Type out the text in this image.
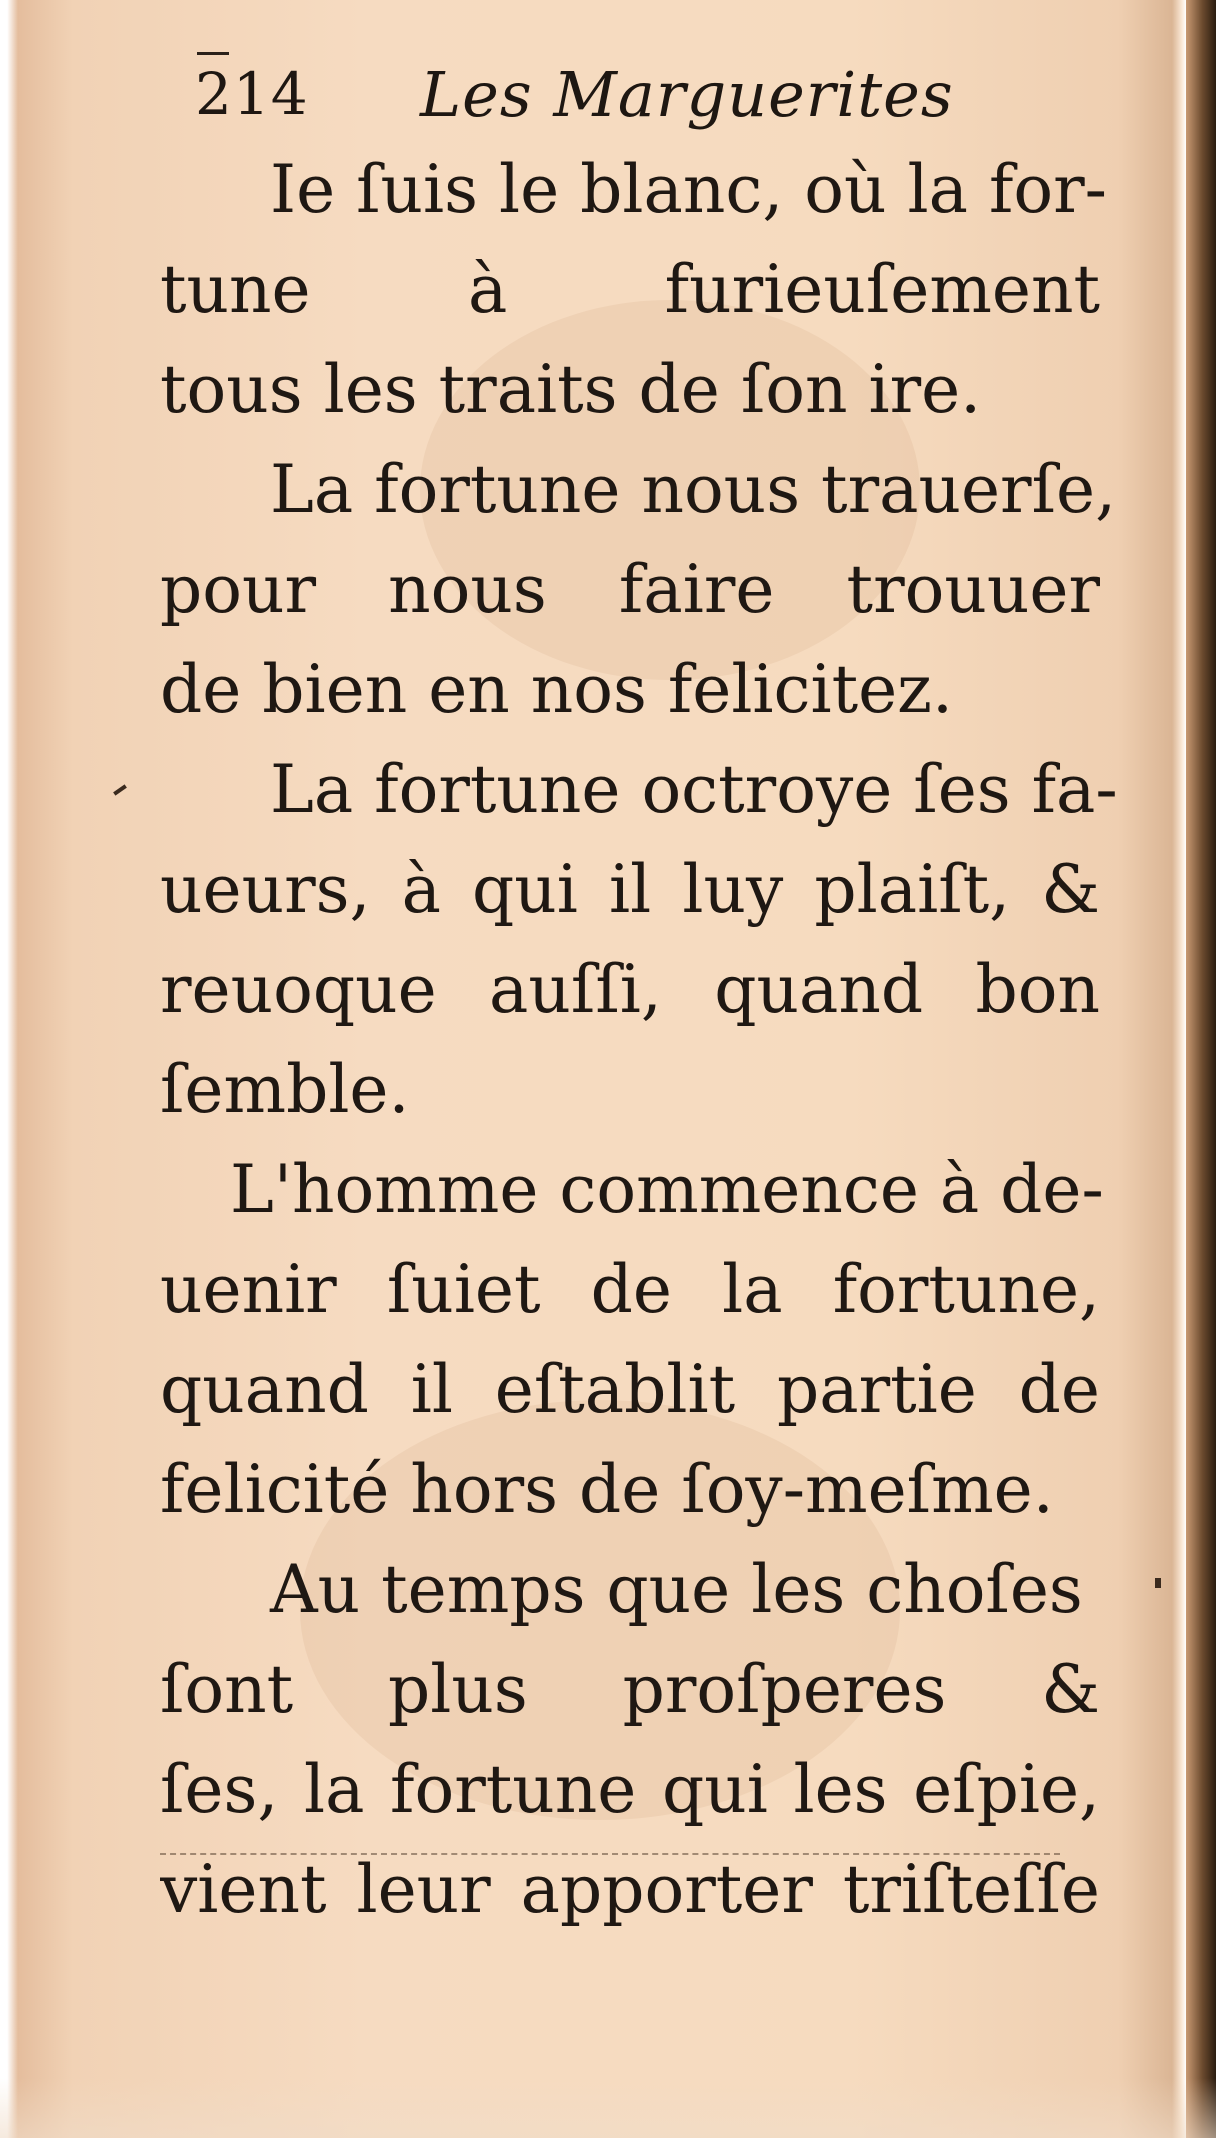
214 Les Marguerites
Ie ſuis le blanc, où la for-
tune à furieuſement
tous les traits de ſon ire.
La fortune nous trauerſe,
pour nous faire trouuer
de bien en nos felicitez.
La fortune octroye ſes fa-
ueurs, à qui il luy plaiſt, &
reuoque auſſi, quand bon
ſemble.
L'homme commence à de-
uenir ſuiet de la fortune,
quand il eſtablit partie de
felicité hors de ſoy-meſme.
Au temps que les choſes
ſont plus proſperes &
ſes, la fortune qui les eſpie,
vient leur apporter triſteſſe
